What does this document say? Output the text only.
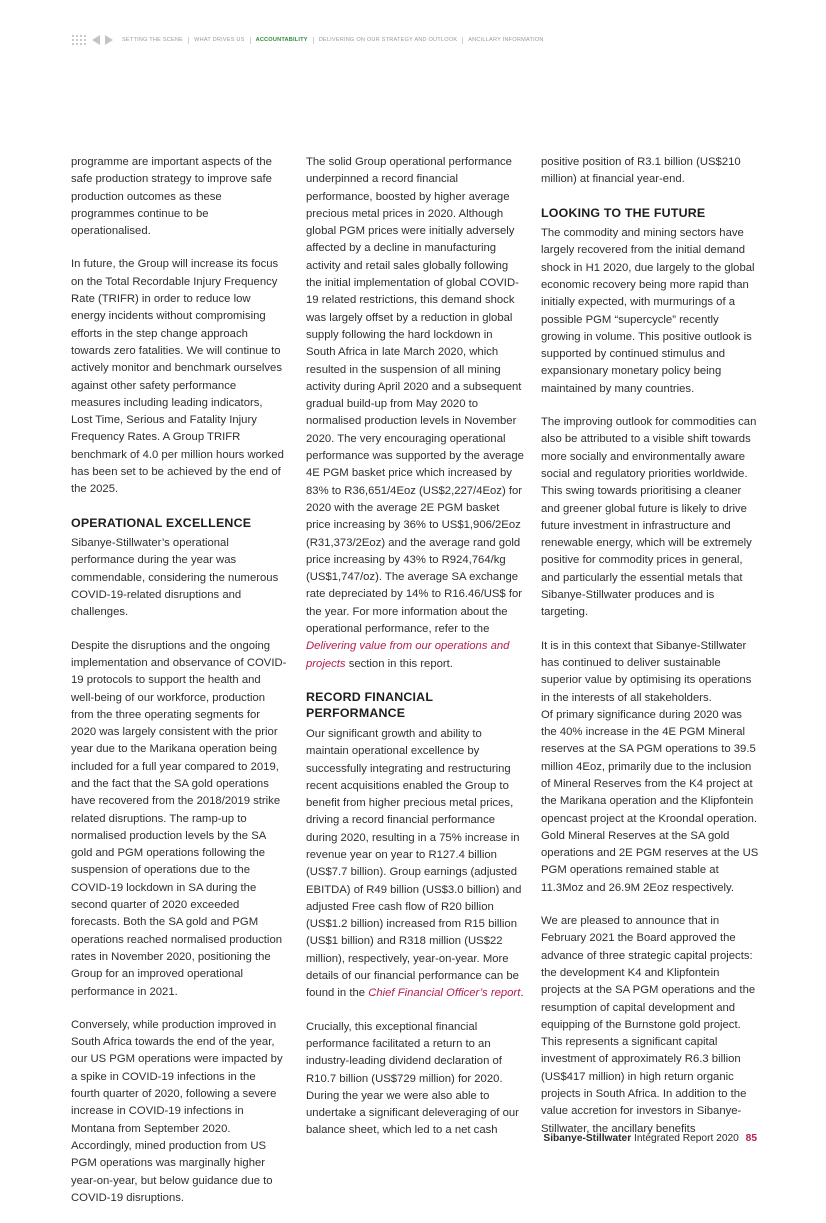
SETTING THE SCENE WHAT DRIVES US ACCOUNTABILITY DELIVERING ON OUR STRATEGY AND OUTLOOK ANCILLARY INFORMATION

programme are important aspects of the safe production strategy to improve safe production outcomes as these programmes continue to be operationalised.

In future, the Group will increase its focus on the Total Recordable Injury Frequency Rate (TRIFR) in order to reduce low energy incidents without compromising efforts in the step change approach towards zero fatalities. We will continue to actively monitor and benchmark ourselves against other safety performance measures including leading indicators, Lost Time, Serious and Fatality Injury Frequency Rates. A Group TRIFR benchmark of 4.0 per million hours worked has been set to be achieved by the end of the 2025.

OPERATIONAL EXCELLENCE

Sibanye-Stillwater’s operational performance during the year was commendable, considering the numerous COVID-19-related disruptions and challenges.

Despite the disruptions and the ongoing implementation and observance of COVID-19 protocols to support the health and well-being of our workforce, production from the three operating segments for 2020 was largely consistent with the prior year due to the Marikana operation being included for a full year compared to 2019, and the fact that the SA gold operations have recovered from the 2018/2019 strike related disruptions. The ramp-up to normalised production levels by the SA gold and PGM operations following the suspension of operations due to the COVID-19 lockdown in SA during the second quarter of 2020 exceeded forecasts. Both the SA gold and PGM operations reached normalised production rates in November 2020, positioning the Group for an improved operational performance in 2021.

Conversely, while production improved in South Africa towards the end of the year, our US PGM operations were impacted by a spike in COVID-19 infections in the fourth quarter of 2020, following a severe increase in COVID-19 infections in Montana from September 2020. Accordingly, mined production from US PGM operations was marginally higher year-on-year, but below guidance due to COVID-19 disruptions.

The solid Group operational performance underpinned a record financial performance, boosted by higher average precious metal prices in 2020. Although global PGM prices were initially adversely affected by a decline in manufacturing activity and retail sales globally following the initial implementation of global COVID-19 related restrictions, this demand shock was largely offset by a reduction in global supply following the hard lockdown in South Africa in late March 2020, which resulted in the suspension of all mining activity during April 2020 and a subsequent gradual build-up from May 2020 to normalised production levels in November 2020. The very encouraging operational performance was supported by the average 4E PGM basket price which increased by 83% to R36,651/4Eoz (US$2,227/4Eoz) for 2020 with the average 2E PGM basket price increasing by 36% to US$1,906/2Eoz (R31,373/2Eoz) and the average rand gold price increasing by 43% to R924,764/kg (US$1,747/oz). The average SA exchange rate depreciated by 14% to R16.46/US$ for the year. For more information about the operational performance, refer to the Delivering value from our operations and projects section in this report.

RECORD FINANCIAL PERFORMANCE

Our significant growth and ability to maintain operational excellence by successfully integrating and restructuring recent acquisitions enabled the Group to benefit from higher precious metal prices, driving a record financial performance during 2020, resulting in a 75% increase in revenue year on year to R127.4 billion (US$7.7 billion). Group earnings (adjusted EBITDA) of R49 billion (US$3.0 billion) and adjusted Free cash flow of R20 billion (US$1.2 billion) increased from R15 billion (US$1 billion) and R318 million (US$22 million), respectively, year-on-year. More details of our financial performance can be found in the Chief Financial Officer’s report.

Crucially, this exceptional financial performance facilitated a return to an industry-leading dividend declaration of R10.7 billion (US$729 million) for 2020. During the year we were also able to undertake a significant deleveraging of our balance sheet, which led to a net cash

positive position of R3.1 billion (US$210 million) at financial year-end.

LOOKING TO THE FUTURE

The commodity and mining sectors have largely recovered from the initial demand shock in H1 2020, due largely to the global economic recovery being more rapid than initially expected, with murmurings of a possible PGM “supercycle” recently growing in volume. This positive outlook is supported by continued stimulus and expansionary monetary policy being maintained by many countries.

The improving outlook for commodities can also be attributed to a visible shift towards more socially and environmentally aware social and regulatory priorities worldwide. This swing towards prioritising a cleaner and greener global future is likely to drive future investment in infrastructure and renewable energy, which will be extremely positive for commodity prices in general, and particularly the essential metals that Sibanye-Stillwater produces and is targeting.

It is in this context that Sibanye-Stillwater has continued to deliver sustainable superior value by optimising its operations in the interests of all stakeholders.

Of primary significance during 2020 was the 40% increase in the 4E PGM Mineral reserves at the SA PGM operations to 39.5 million 4Eoz, primarily due to the inclusion of Mineral Reserves from the K4 project at the Marikana operation and the Klipfontein opencast project at the Kroondal operation. Gold Mineral Reserves at the SA gold operations and 2E PGM reserves at the US PGM operations remained stable at 11.3Moz and 26.9M 2Eoz respectively.

We are pleased to announce that in February 2021 the Board approved the advance of three strategic capital projects: the development K4 and Klipfontein projects at the SA PGM operations and the resumption of capital development and equipping of the Burnstone gold project. This represents a significant capital investment of approximately R6.3 billion (US$417 million) in high return organic projects in South Africa. In addition to the value accretion for investors in Sibanye-Stillwater, the ancillary benefits

Sibanye-Stillwater Integrated Report 2020 85
